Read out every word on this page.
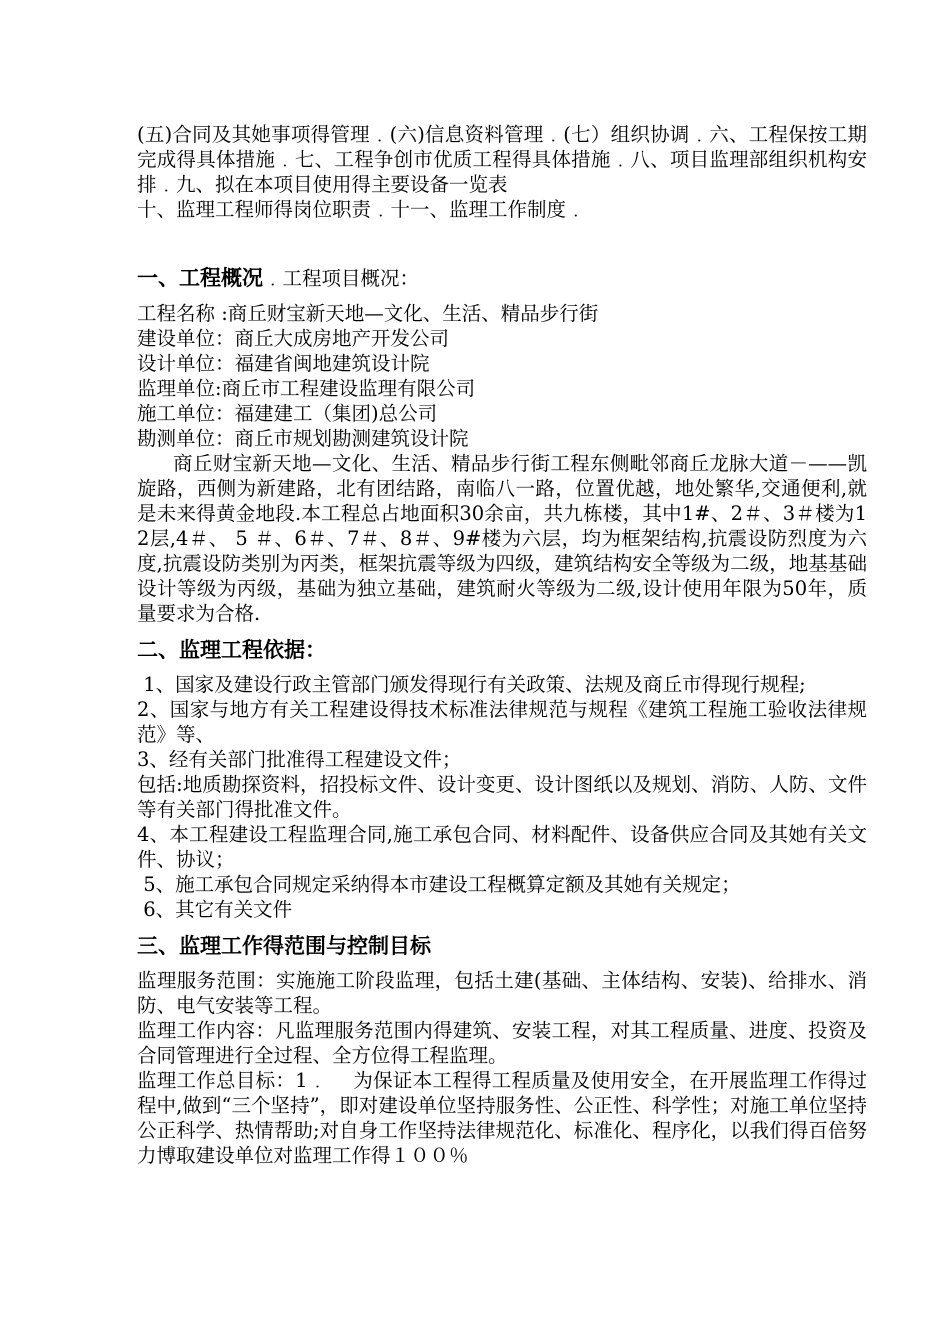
(五)合同及其她事项得管理﹒(六)信息资料管理﹒(七）组织协调﹒六、工程保按工期完成得具体措施﹒七、工程争创市优质工程得具体措施﹒八、项目监理部组织机构安排﹒九、拟在本项目使用得主要设备一览表

十、监理工程师得岗位职责﹒十一、监理工作制度﹒

一、工程概况﹒工程项目概况：

工程名称 :商丘财宝新天地—文化、生活、精品步行街

建设单位﻿：商丘大成房地产开发公司

设计单位：福建省闽地建筑设计院

监理单位:商丘市工程建设监理有限公司

施工单位：福建建工（集团)总公司

勘测单位：商丘市规划勘测建筑设计院

商丘财宝新天地—文化、生活、精品步行街工程东侧毗邻商丘龙脉大道－——凯旋路，西侧为新建路，北有团结路，南临八一路，位置优越，地处繁华,交通便利,就是未来得黄金地段.本工程总占地面积30余亩，共九栋楼，其中1#、2＃、3＃楼为12层,4＃、 5 ＃、6＃、7＃、8＃、9#楼为六层，均为框架结构,抗震设防烈度为六度,抗震设防类别为丙类，框架抗震等级为四级，建筑结构安全等级为二级，地基基础设计等级为丙级，基础为独立基础，建筑耐火等级为二级,设计使用年限为50年，质量要求为合格.

二、监理工程依据：

1、国家及建设行政主管部门颁发得现行有关政策、法规及商丘市得现行规程;

2、国家与地方有关工程建设得技术标准法律规范与规程《建筑工程施工验收法律规范》等、

3、经有关部门批准得工程建设文件；

包括:地质勘探资料，招投标文件、设计变更、设计图纸以及规划、消防、人防、文件等有关部门得批准文件。

4、本工程建设工程监理合同,施工承包合同、材料配件、设备供应合同及其她有关文件、协议；

5、施工承包合同规定采纳得本市建设工程概算定额及其她有关规定；

6、其它有关文件

三、监理工作得范围与控制目标

监理服务范围：实施施工阶段监理，包括土建(基础、主体结构、安装)、给排水、消防、电气安装等工程。

监理工作内容：凡监理服务范围内得建筑、安装工程，对其工程质量、进度、投资及合同管理进行全过程、全方位得工程监理。

监理工作总目标：1﹒    为保证本工程得工程质量及使用安全，在开展监理工作得过程中,做到“三个坚持”，即对建设单位坚持服务性、公正性、科学性；对施工单位坚持公正科学、热情帮助;对自身工作坚持法律规范化、标准化、程序化，以我们得百倍努力博取建设单位对监理工作得１００％
